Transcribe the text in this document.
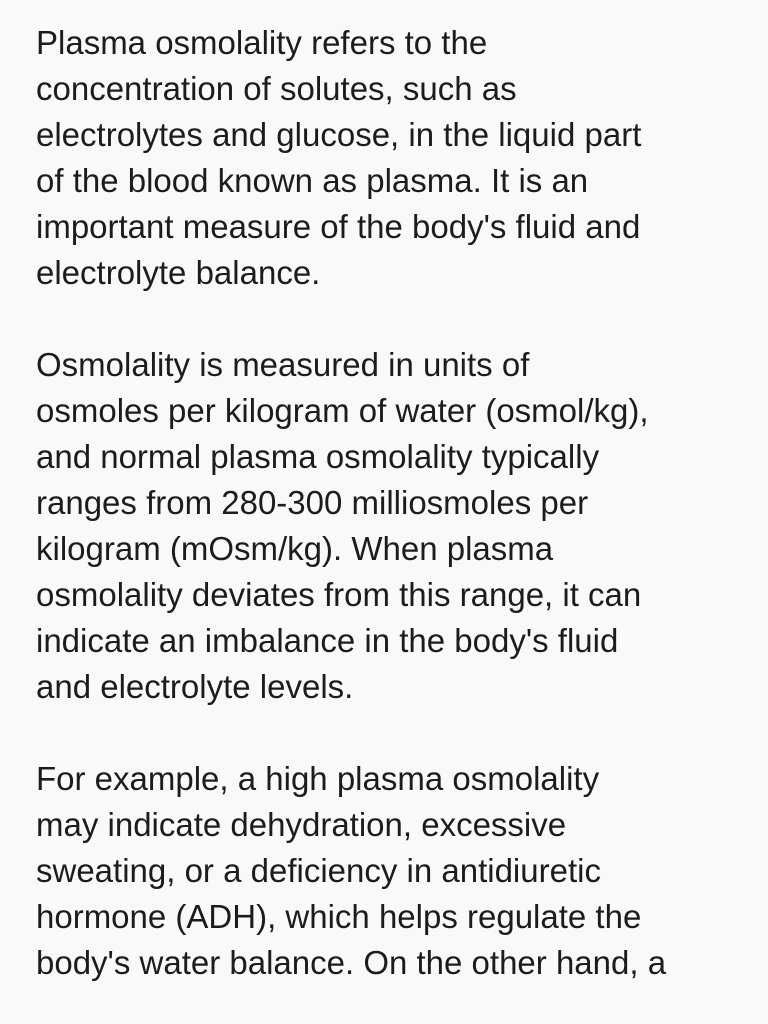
Plasma osmolality refers to the
concentration of solutes, such as
electrolytes and glucose, in the liquid part
of the blood known as plasma. It is an
important measure of the body's fluid and
electrolyte balance.

Osmolality is measured in units of
osmoles per kilogram of water (osmol/kg),
and normal plasma osmolality typically
ranges from 280-300 milliosmoles per
kilogram (mOsm/kg). When plasma
osmolality deviates from this range, it can
indicate an imbalance in the body's fluid
and electrolyte levels.

For example, a high plasma osmolality
may indicate dehydration, excessive
sweating, or a deficiency in antidiuretic
hormone (ADH), which helps regulate the
body's water balance. On the other hand, a
